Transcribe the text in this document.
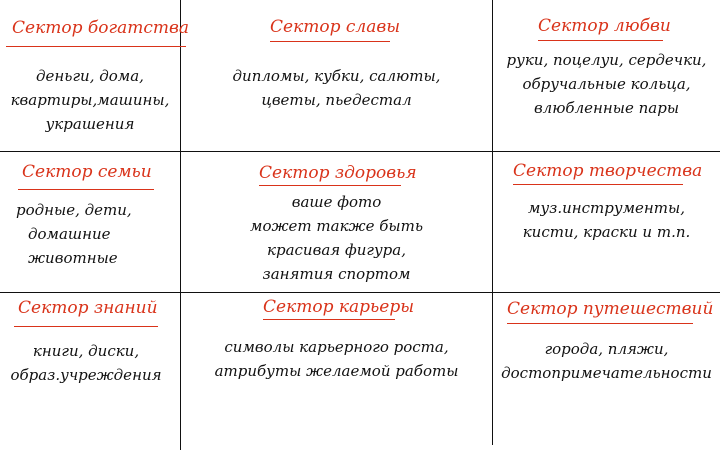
Сектор богатства
деньги, дома,
квартиры,машины,
украшения
Сектор славы
дипломы, кубки, салюты,
цветы, пьедестал
Сектор любви
руки, поцелуи, сердечки,
обручальные кольца,
влюбленные пары
Сектор семьи
родные, дети,
домашние
животные
Сектор здоровья
ваше фото
может также быть
красивая фигура,
занятия спортом
Сектор творчества
муз.инструменты,
кисти, краски и т.п.
Сектор знаний
книги, диски,
образ.учреждения
Сектор карьеры
символы карьерного роста,
атрибуты желаемой работы
Сектор путешествий
города, пляжи,
достопримечательности
